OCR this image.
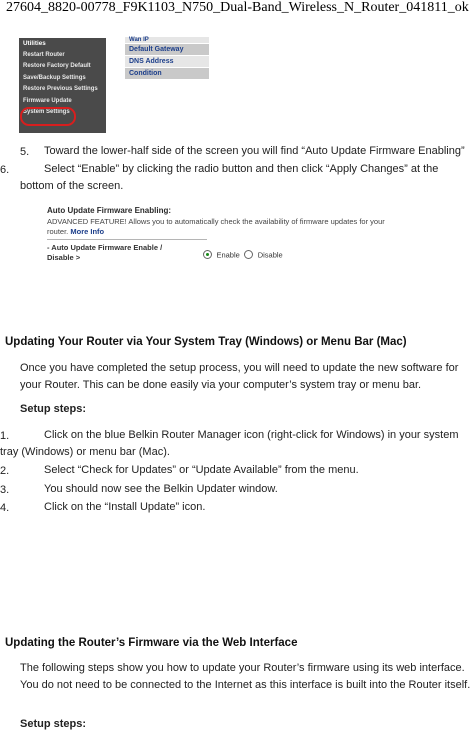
27604_8820-00778_F9K1103_N750_Dual-Band_Wireless_N_Router_041811_ok
Utilities
Restart Router
Restore Factory Default
Save/Backup Settings
Restore Previous Settings
Firmware Update
System Settings
Wan IP
Default Gateway
DNS Address
Condition
5. Toward the lower-half side of the screen you will find “Auto Update Firmware Enabling”
6.	Select “Enable” by clicking the radio button and then click “Apply Changes” at the bottom of the screen.
Auto Update Firmware Enabling:
ADVANCED FEATURE! Allows you to automatically check the availability of firmware updates for your router. More Info
- Auto Update Firmware Enable / Disable >	Enable Disable
Updating Your Router via Your System Tray (Windows) or Menu Bar (Mac)
Once you have completed the setup process, you will need to update the new software for your Router. This can be done easily via your computer’s system tray or menu bar.
Setup steps:
1.	Click on the blue Belkin Router Manager icon (right-click for Windows) in your system tray (Windows) or menu bar (Mac).
2.	Select “Check for Updates” or “Update Available” from the menu.
3.	You should now see the Belkin Updater window.
4.	Click on the “Install Update” icon.
Updating the Router’s Firmware via the Web Interface
The following steps show you how to update your Router’s firmware using its web interface. You do not need to be connected to the Internet as this interface is built into the Router itself.
Setup steps:
